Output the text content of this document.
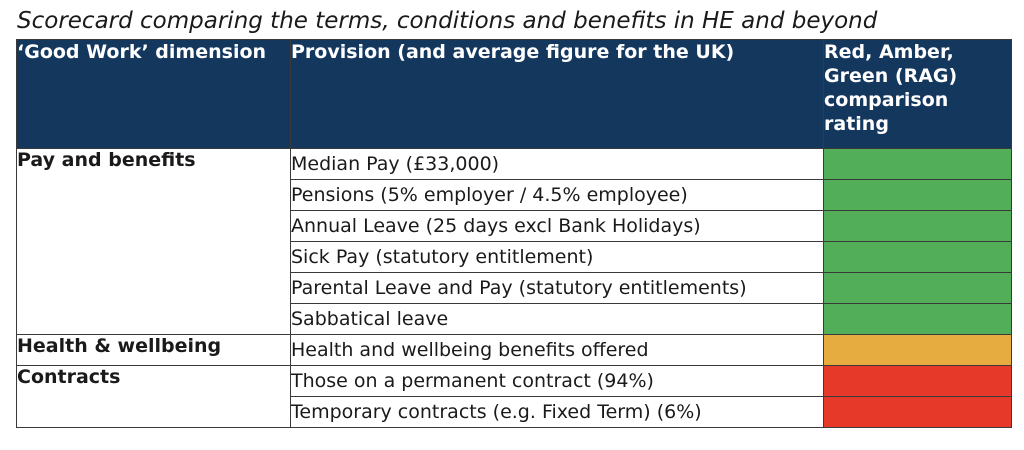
Scorecard comparing the terms, conditions and benefits in HE and beyond
‘Good Work’ dimension	Provision (and average figure for the UK)	Red, Amber, Green (RAG) comparison rating
Pay and benefits	Median Pay (£33,000)	

	Pensions (5% employer / 4.5% employee)	

	Annual Leave (25 days excl Bank Holidays)	

	Sick Pay (statutory entitlement)	

	Parental Leave and Pay (statutory entitlements)	

	Sabbatical leave	

Health & wellbeing	Health and wellbeing benefits offered	

Contracts	Those on a permanent contract (94%)	

	Temporary contracts (e.g. Fixed Term) (6%)	
